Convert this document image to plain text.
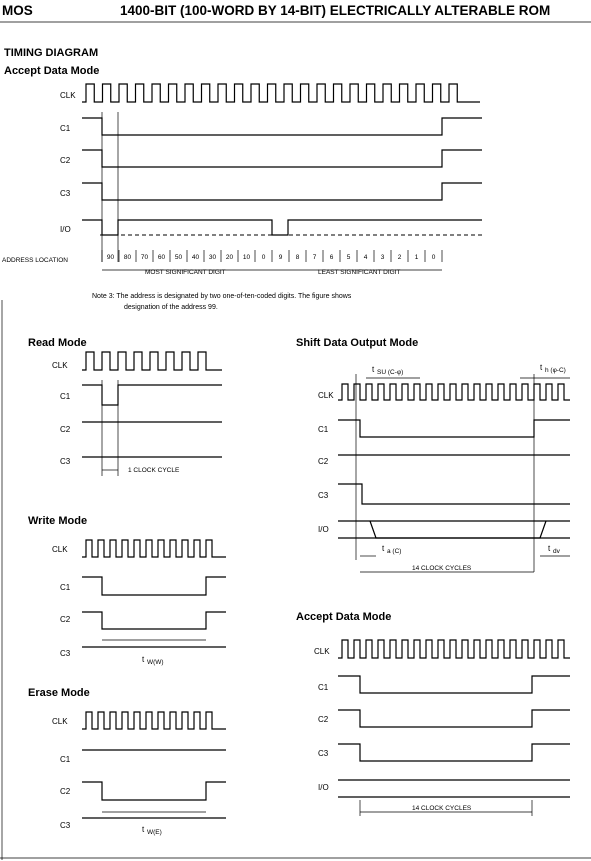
MOS	1400-BIT (100-WORD BY 14-BIT) ELECTRICALLY ALTERABLE ROM
TIMING DIAGRAM
Accept Data Mode
CLK
C1
C2
C3
I/O
ADDRESS LOCATION	90 80 70 60 50 40 30 20 10 0 9 8 7 6 5 4 3 2 1 0
MOST SIGNIFICANT DIGIT	LEAST SIGNIFICANT DIGIT
Note 3: The address is designated by two one-of-ten-coded digits. The figure shows
designation of the address 99.
Read Mode
CLK
C1
C2
C3
1 CLOCK CYCLE
Write Mode
CLK
C1
C2
C3
t W(W)
Erase Mode
CLK
C1
C2
C3	t W(E)
Shift Data Output Mode
CLK
C1
C2
C3
I/O
t SU (C-φ)
t h (φ-C)
t a (C)	t dv
14 CLOCK CYCLES
Accept Data Mode
CLK
C1
C2
C3
I/O
14 CLOCK CYCLES
